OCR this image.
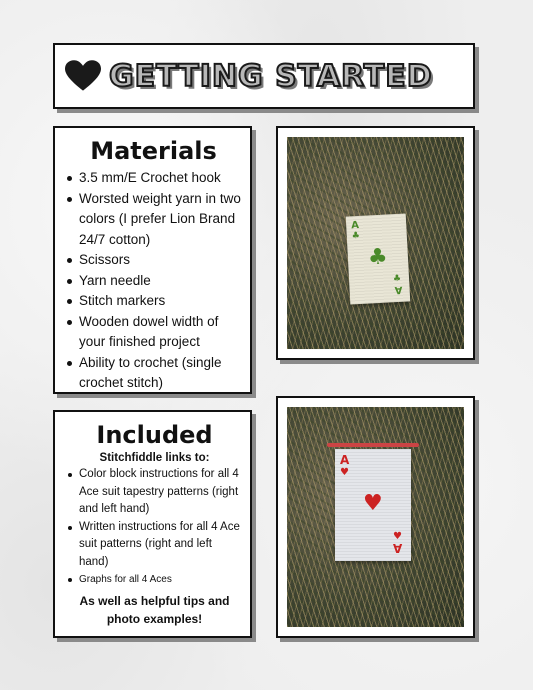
GETTING STARTED
Materials
3.5 mm/E Crochet hook
Worsted weight yarn in two colors (I prefer Lion Brand 24/7 cotton)
Scissors
Yarn needle
Stitch markers
Wooden dowel width of your finished project
Ability to crochet (single crochet stitch)
Included
Stitchfiddle links to:
Color block instructions for all 4 Ace suit tapestry patterns (right and left hand)
Written instructions for all 4 Ace suit patterns (right and left hand)
Graphs for all 4 Aces
As well as helpful tips and photo examples!
A
♣
♣
♣
A
A
♥
♥
♥
A
